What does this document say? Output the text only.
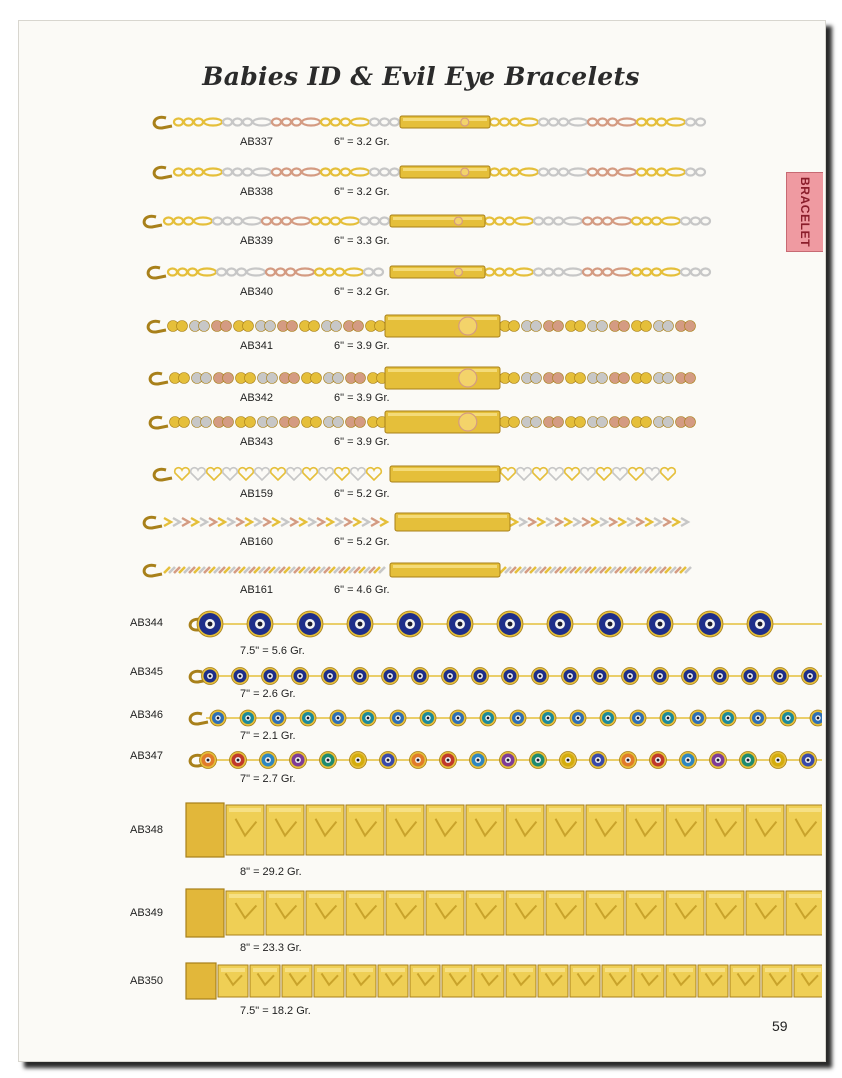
Babies ID & Evil Eye Bracelets
BRACELET
AB337	6" = 3.2 Gr.
AB338	6" = 3.2 Gr.
AB339	6" = 3.3 Gr.
AB340	6" = 3.2 Gr.
AB341	6" = 3.9 Gr.
AB342	6" = 3.9 Gr.
AB343	6" = 3.9 Gr.
AB159	6" = 5.2 Gr.
AB160	6" = 5.2 Gr.
AB161	6" = 4.6 Gr.
AB344
7.5" = 5.6 Gr.
AB345
7" = 2.6 Gr.
AB346
7" = 2.1 Gr.
AB347
7" = 2.7 Gr.
AB348
8" = 29.2 Gr.
AB349
8" = 23.3 Gr.
AB350
7.5" = 18.2 Gr.
59
